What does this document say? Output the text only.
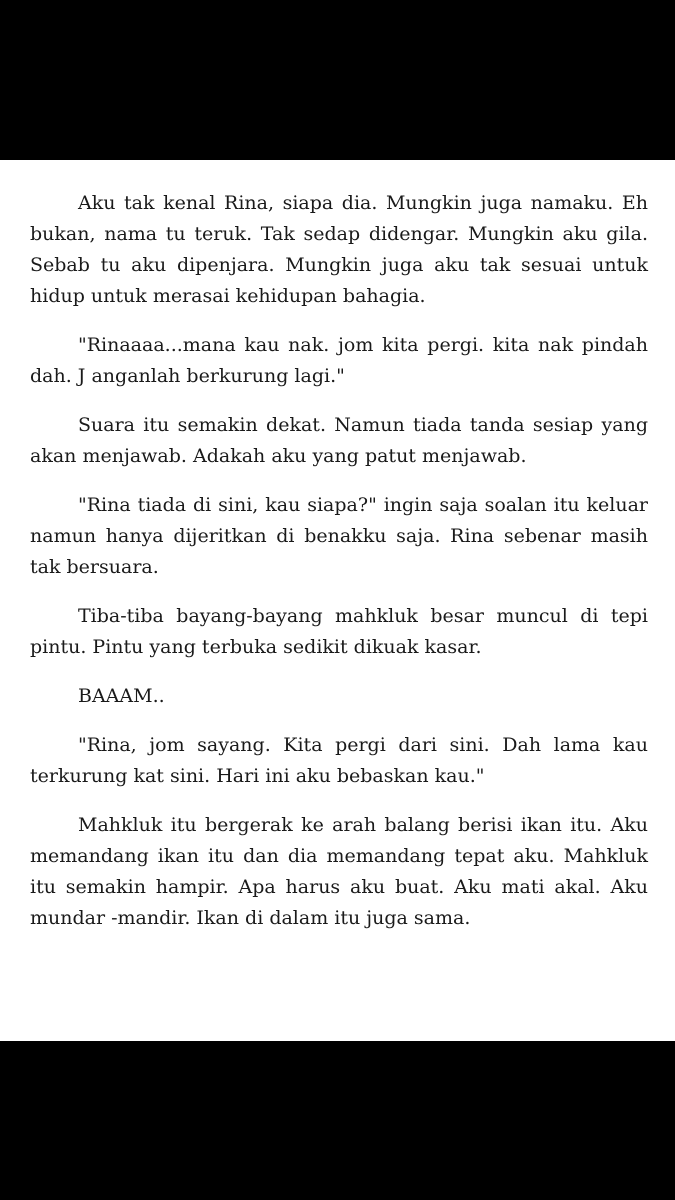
Aku tak kenal Rina, siapa dia. Mungkin juga namaku. Eh bukan, nama tu teruk. Tak sedap didengar. Mungkin aku gila. Sebab tu aku dipenjara. Mungkin juga aku tak sesuai untuk hidup untuk merasai kehidupan bahagia.

"Rinaaaa...mana kau nak. jom kita pergi. kita nak pindah dah. J anganlah berkurung lagi."

Suara itu semakin dekat. Namun tiada tanda sesiap yang akan menjawab. Adakah aku yang patut menjawab.

"Rina tiada di sini, kau siapa?" ingin saja soalan itu keluar namun hanya dijeritkan di benakku saja. Rina sebenar masih tak bersuara.

Tiba-tiba bayang-bayang mahkluk besar muncul di tepi pintu. Pintu yang terbuka sedikit dikuak kasar.

BAAAM..

"Rina, jom sayang. Kita pergi dari sini. Dah lama kau terkurung kat sini. Hari ini aku bebaskan kau."

Mahkluk itu bergerak ke arah balang berisi ikan itu. Aku memandang ikan itu dan dia memandang tepat aku. Mahkluk itu semakin hampir. Apa harus aku buat. Aku mati akal. Aku mundar -mandir. Ikan di dalam itu juga sama.
